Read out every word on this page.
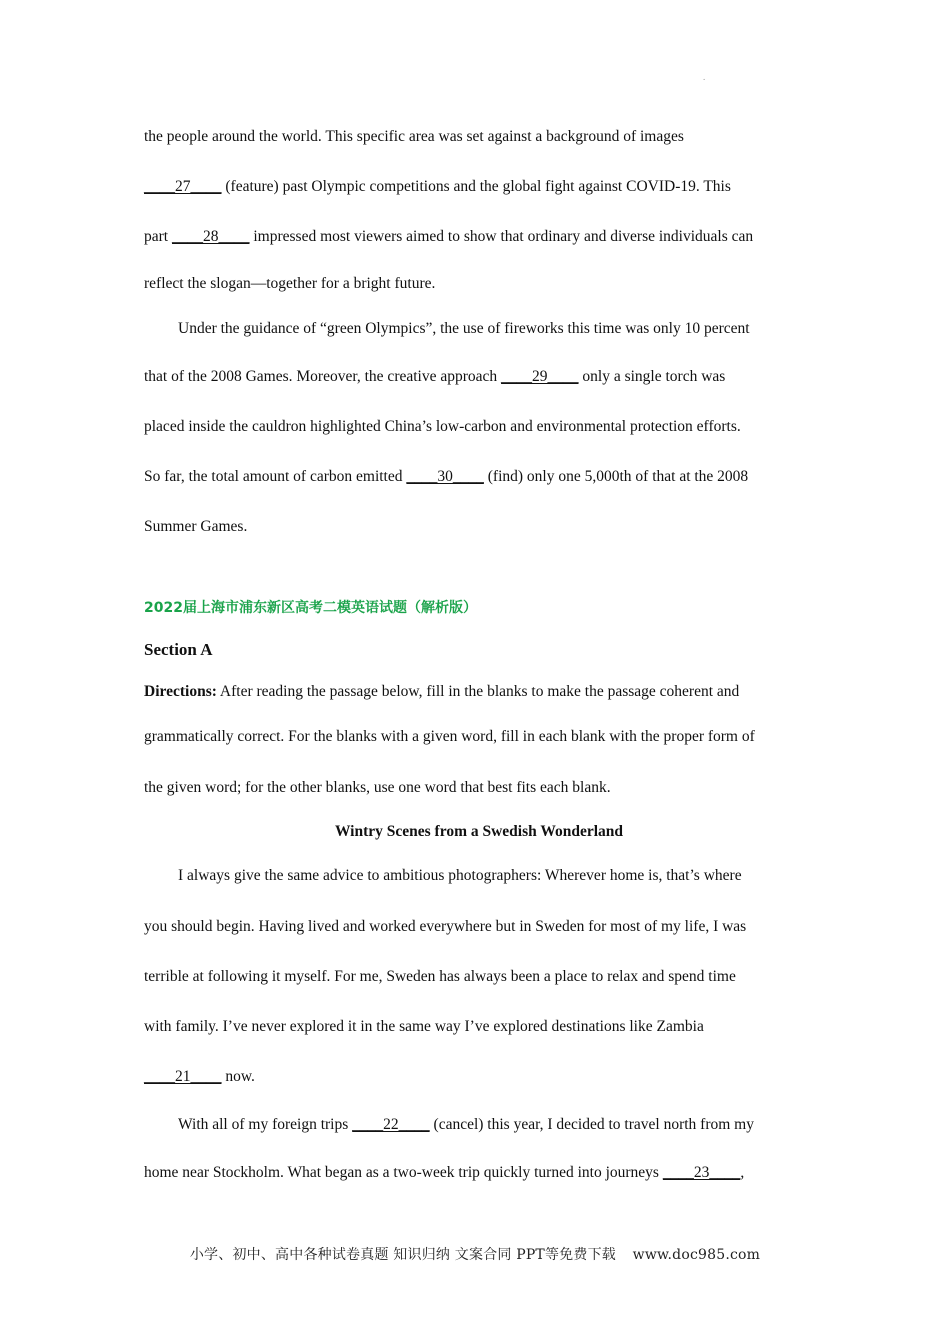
.

the people around the world. This specific area was set against a background of images

____27____ (feature) past Olympic competitions and the global fight against COVID-19. This

part ____28____ impressed most viewers aimed to show that ordinary and diverse individuals can

reflect the slogan—together for a bright future.

Under the guidance of “green Olympics”, the use of fireworks this time was only 10 percent

that of the 2008 Games. Moreover, the creative approach ____29____ only a single torch was

placed inside the cauldron highlighted China’s low-carbon and environmental protection efforts.

So far, the total amount of carbon emitted ____30____ (find) only one 5,000th of that at the 2008

Summer Games.

2022届上海市浦东新区高考二模英语试题（解析版）

Section A

Directions: After reading the passage below, fill in the blanks to make the passage coherent and

grammatically correct. For the blanks with a given word, fill in each blank with the proper form of

the given word; for the other blanks, use one word that best fits each blank.

Wintry Scenes from a Swedish Wonderland

I always give the same advice to ambitious photographers: Wherever home is, that’s where

you should begin. Having lived and worked everywhere but in Sweden for most of my life, I was

terrible at following it myself. For me, Sweden has always been a place to relax and spend time

with family. I’ve never explored it in the same way I’ve explored destinations like Zambia

____21____ now.

With all of my foreign trips ____22____ (cancel) this year, I decided to travel north from my

home near Stockholm. What began as a two-week trip quickly turned into journeys ____23____,

小学、初中、高中各种试卷真题 知识归纳 文案合同 PPT等免费下载 www.doc985.com
